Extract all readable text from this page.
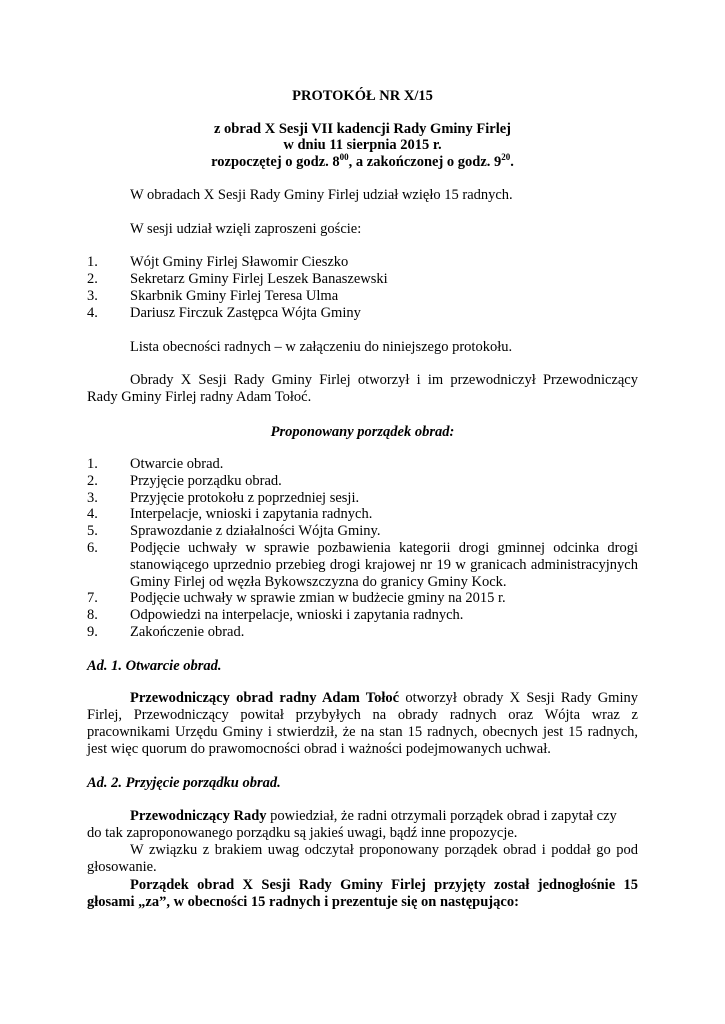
PROTOKÓŁ NR X/15
z obrad X Sesji VII kadencji Rady Gminy Firlej
w dniu 11 sierpnia 2015 r.
rozpoczętej o godz. $8^{00}$, a zakończonej o godz. $9^{20}$.
W obradach X Sesji Rady Gminy Firlej udział wzięło 15 radnych.
W sesji udział wzięli zaproszeni goście:
1. Wójt Gminy Firlej Sławomir Cieszko
2. Sekretarz Gminy Firlej Leszek Banaszewski
3. Skarbnik Gminy Firlej Teresa Ulma
4. Dariusz Firczuk Zastępca Wójta Gminy
Lista obecności radnych – w załączeniu do niniejszego protokołu.
Obrady X Sesji Rady Gminy Firlej otworzył i im przewodniczył Przewodniczący
Rady Gminy Firlej radny Adam Tołoć.
Proponowany porządek obrad:
1. Otwarcie obrad.
2. Przyjęcie porządku obrad.
3. Przyjęcie protokołu z poprzedniej sesji.
4. Interpelacje, wnioski i zapytania radnych.
5. Sprawozdanie z działalności Wójta Gminy.
6. Podjęcie uchwały w sprawie pozbawienia kategorii drogi gminnej odcinka drogi
stanowiącego uprzednio przebieg drogi krajowej nr 19 w granicach administracyjnych
Gminy Firlej od węzła Bykowszczyzna do granicy Gminy Kock.
7. Podjęcie uchwały w sprawie zmian w budżecie gminy na 2015 r.
8. Odpowiedzi na interpelacje, wnioski i zapytania radnych.
9. Zakończenie obrad.
Ad. 1. Otwarcie obrad.
Przewodniczący obrad radny Adam Tołoć otworzył obrady X Sesji Rady Gminy
Firlej, Przewodniczący powitał przybyłych na obrady radnych oraz Wójta wraz z
pracownikami Urzędu Gminy i stwierdził, że na stan 15 radnych, obecnych jest 15 radnych,
jest więc quorum do prawomocności obrad i ważności podejmowanych uchwał.
Ad. 2. Przyjęcie porządku obrad.
Przewodniczący Rady powiedział, że radni otrzymali porządek obrad i zapytał czy
do tak zaproponowanego porządku są jakieś uwagi, bądź inne propozycje.
W związku z brakiem uwag odczytał proponowany porządek obrad i poddał go pod
głosowanie.
Porządek obrad X Sesji Rady Gminy Firlej przyjęty został jednogłośnie 15
głosami „za”, w obecności 15 radnych i prezentuje się on następująco:
